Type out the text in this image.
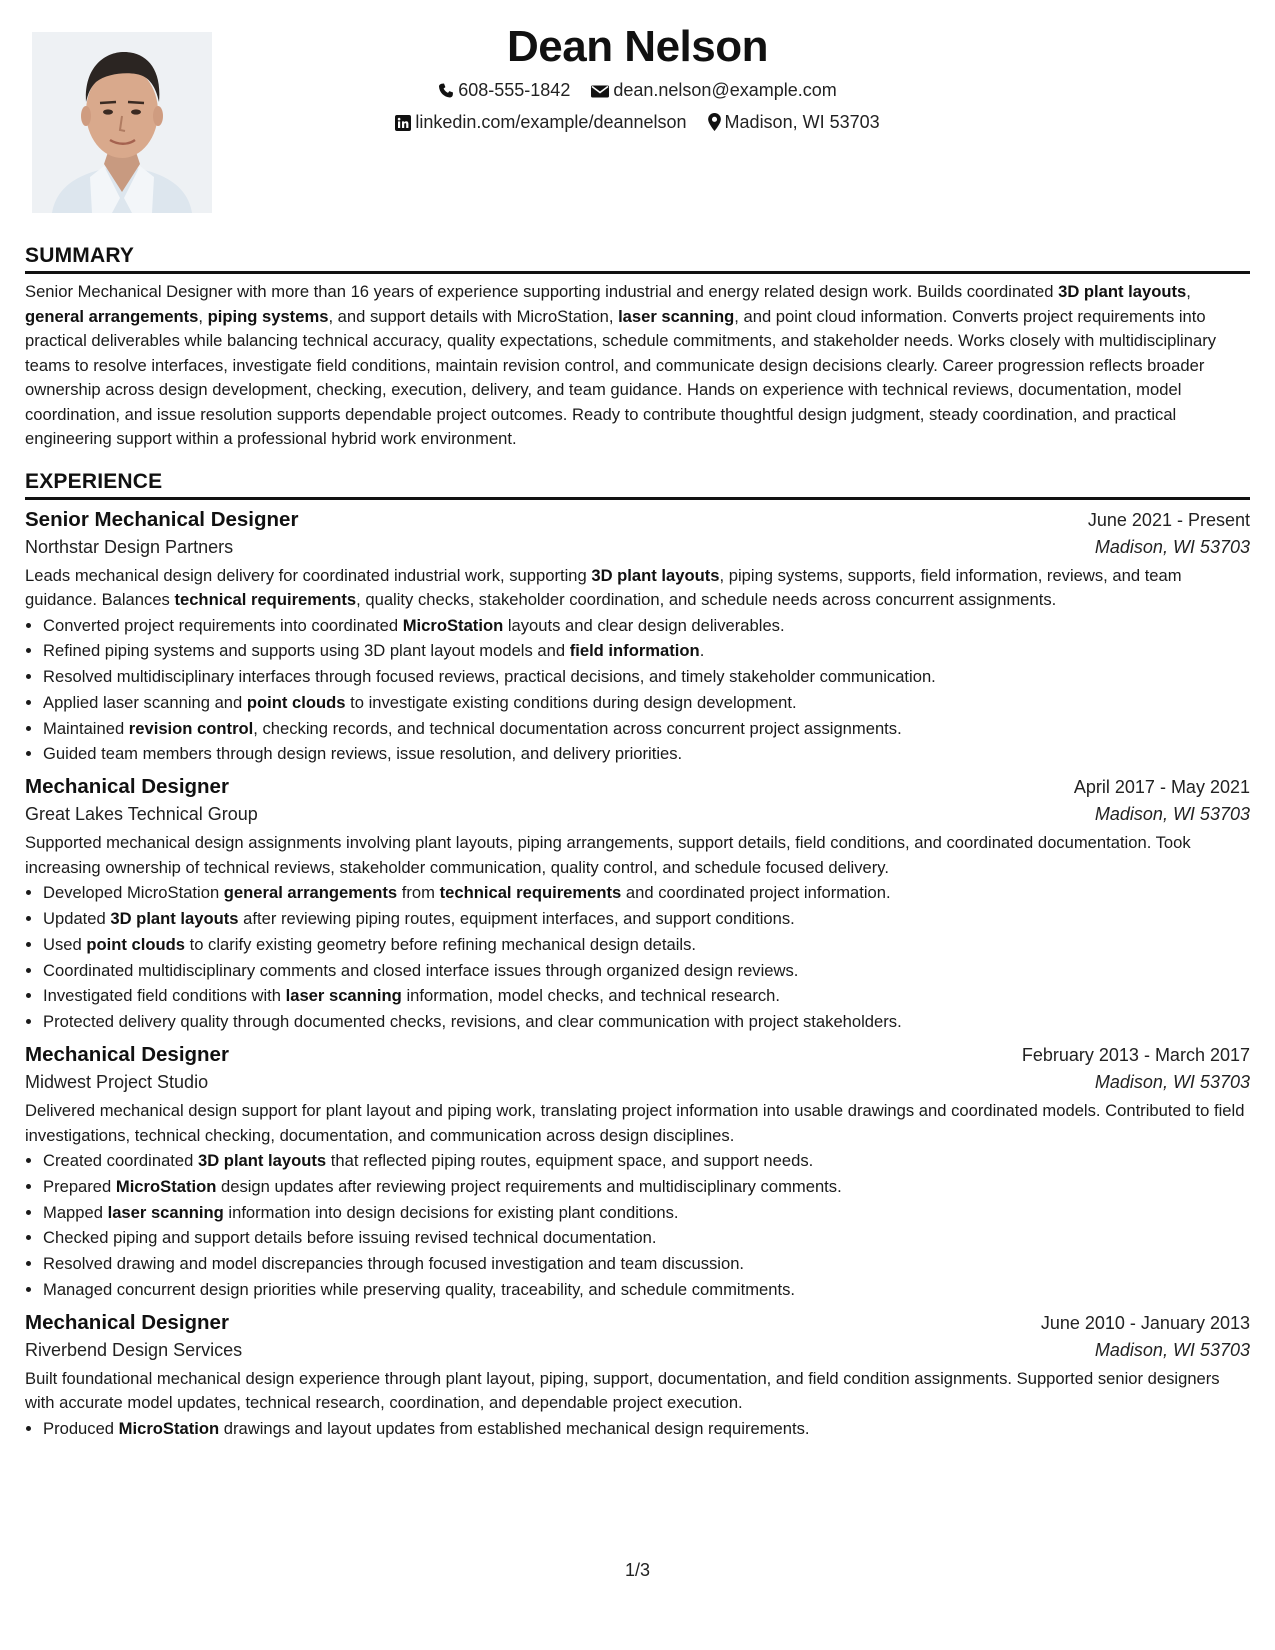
Dean Nelson
608-555-1842 dean.nelson@example.com
linkedin.com/example/deannelson Madison, WI 53703
SUMMARY
Senior Mechanical Designer with more than 16 years of experience supporting industrial and energy related design work. Builds coordinated 3D plant layouts, general arrangements, piping systems, and support details with MicroStation, laser scanning, and point cloud information. Converts project requirements into practical deliverables while balancing technical accuracy, quality expectations, schedule commitments, and stakeholder needs. Works closely with multidisciplinary teams to resolve interfaces, investigate field conditions, maintain revision control, and communicate design decisions clearly. Career progression reflects broader ownership across design development, checking, execution, delivery, and team guidance. Hands on experience with technical reviews, documentation, model coordination, and issue resolution supports dependable project outcomes. Ready to contribute thoughtful design judgment, steady coordination, and practical engineering support within a professional hybrid work environment.
EXPERIENCE
Senior Mechanical Designer	June 2021 - Present
Northstar Design Partners	Madison, WI 53703
Leads mechanical design delivery for coordinated industrial work, supporting 3D plant layouts, piping systems, supports, field information, reviews, and team guidance. Balances technical requirements, quality checks, stakeholder coordination, and schedule needs across concurrent assignments.
• Converted project requirements into coordinated MicroStation layouts and clear design deliverables.
• Refined piping systems and supports using 3D plant layout models and field information.
• Resolved multidisciplinary interfaces through focused reviews, practical decisions, and timely stakeholder communication.
• Applied laser scanning and point clouds to investigate existing conditions during design development.
• Maintained revision control, checking records, and technical documentation across concurrent project assignments.
• Guided team members through design reviews, issue resolution, and delivery priorities.
Mechanical Designer	April 2017 - May 2021
Great Lakes Technical Group	Madison, WI 53703
Supported mechanical design assignments involving plant layouts, piping arrangements, support details, field conditions, and coordinated documentation. Took increasing ownership of technical reviews, stakeholder communication, quality control, and schedule focused delivery.
• Developed MicroStation general arrangements from technical requirements and coordinated project information.
• Updated 3D plant layouts after reviewing piping routes, equipment interfaces, and support conditions.
• Used point clouds to clarify existing geometry before refining mechanical design details.
• Coordinated multidisciplinary comments and closed interface issues through organized design reviews.
• Investigated field conditions with laser scanning information, model checks, and technical research.
• Protected delivery quality through documented checks, revisions, and clear communication with project stakeholders.
Mechanical Designer	February 2013 - March 2017
Midwest Project Studio	Madison, WI 53703
Delivered mechanical design support for plant layout and piping work, translating project information into usable drawings and coordinated models. Contributed to field investigations, technical checking, documentation, and communication across design disciplines.
• Created coordinated 3D plant layouts that reflected piping routes, equipment space, and support needs.
• Prepared MicroStation design updates after reviewing project requirements and multidisciplinary comments.
• Mapped laser scanning information into design decisions for existing plant conditions.
• Checked piping and support details before issuing revised technical documentation.
• Resolved drawing and model discrepancies through focused investigation and team discussion.
• Managed concurrent design priorities while preserving quality, traceability, and schedule commitments.
Mechanical Designer	June 2010 - January 2013
Riverbend Design Services	Madison, WI 53703
Built foundational mechanical design experience through plant layout, piping, support, documentation, and field condition assignments. Supported senior designers with accurate model updates, technical research, coordination, and dependable project execution.
• Produced MicroStation drawings and layout updates from established mechanical design requirements.
1/3
